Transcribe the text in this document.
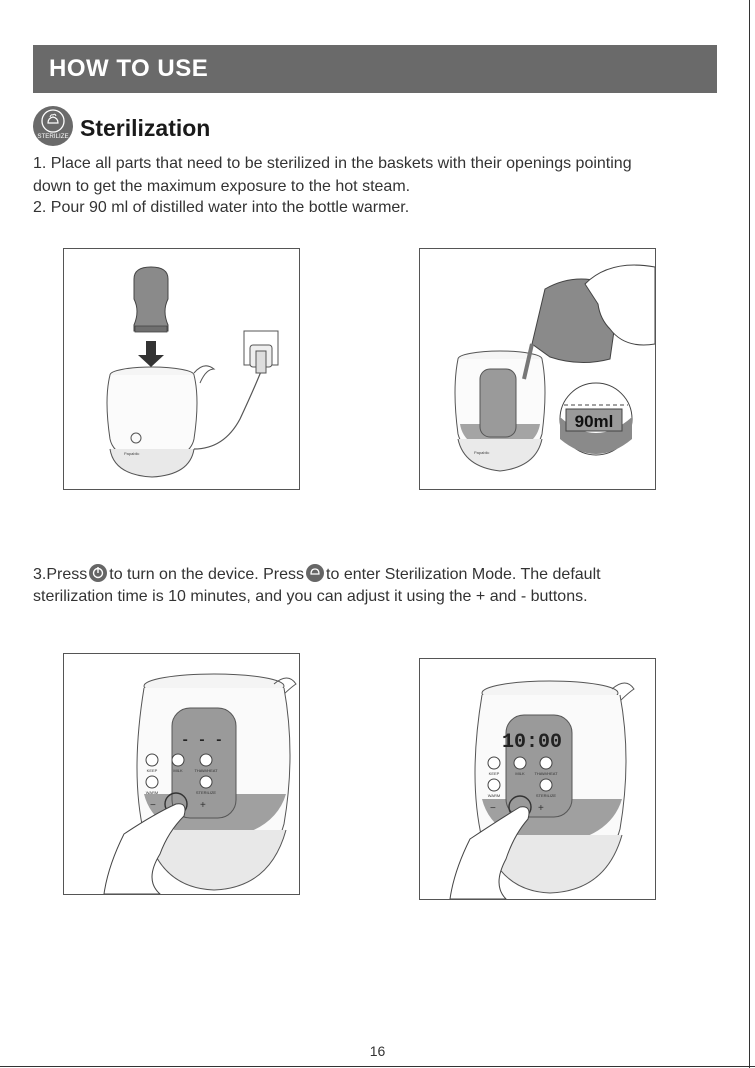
HOW TO USE
STERILIZE Sterilization
1. Place all parts that need to be sterilized in the baskets with their openings pointing
down to get the maximum exposure to the hot steam.
2. Pour 90 ml of distilled water into the bottle warmer.
Papablic	Papablic
90ml
3.Press to turn on the device. Press to enter Sterilization Mode. The default
sterilization time is 10 minutes, and you can adjust it using the + and - buttons.
- - -
KEEP	MILK	THAW/HEAT
WARM	STERILIZE
−	+
10:00
KEEP	MILK THAW/HEAT
WARM	STERILIZE
−	+
16
